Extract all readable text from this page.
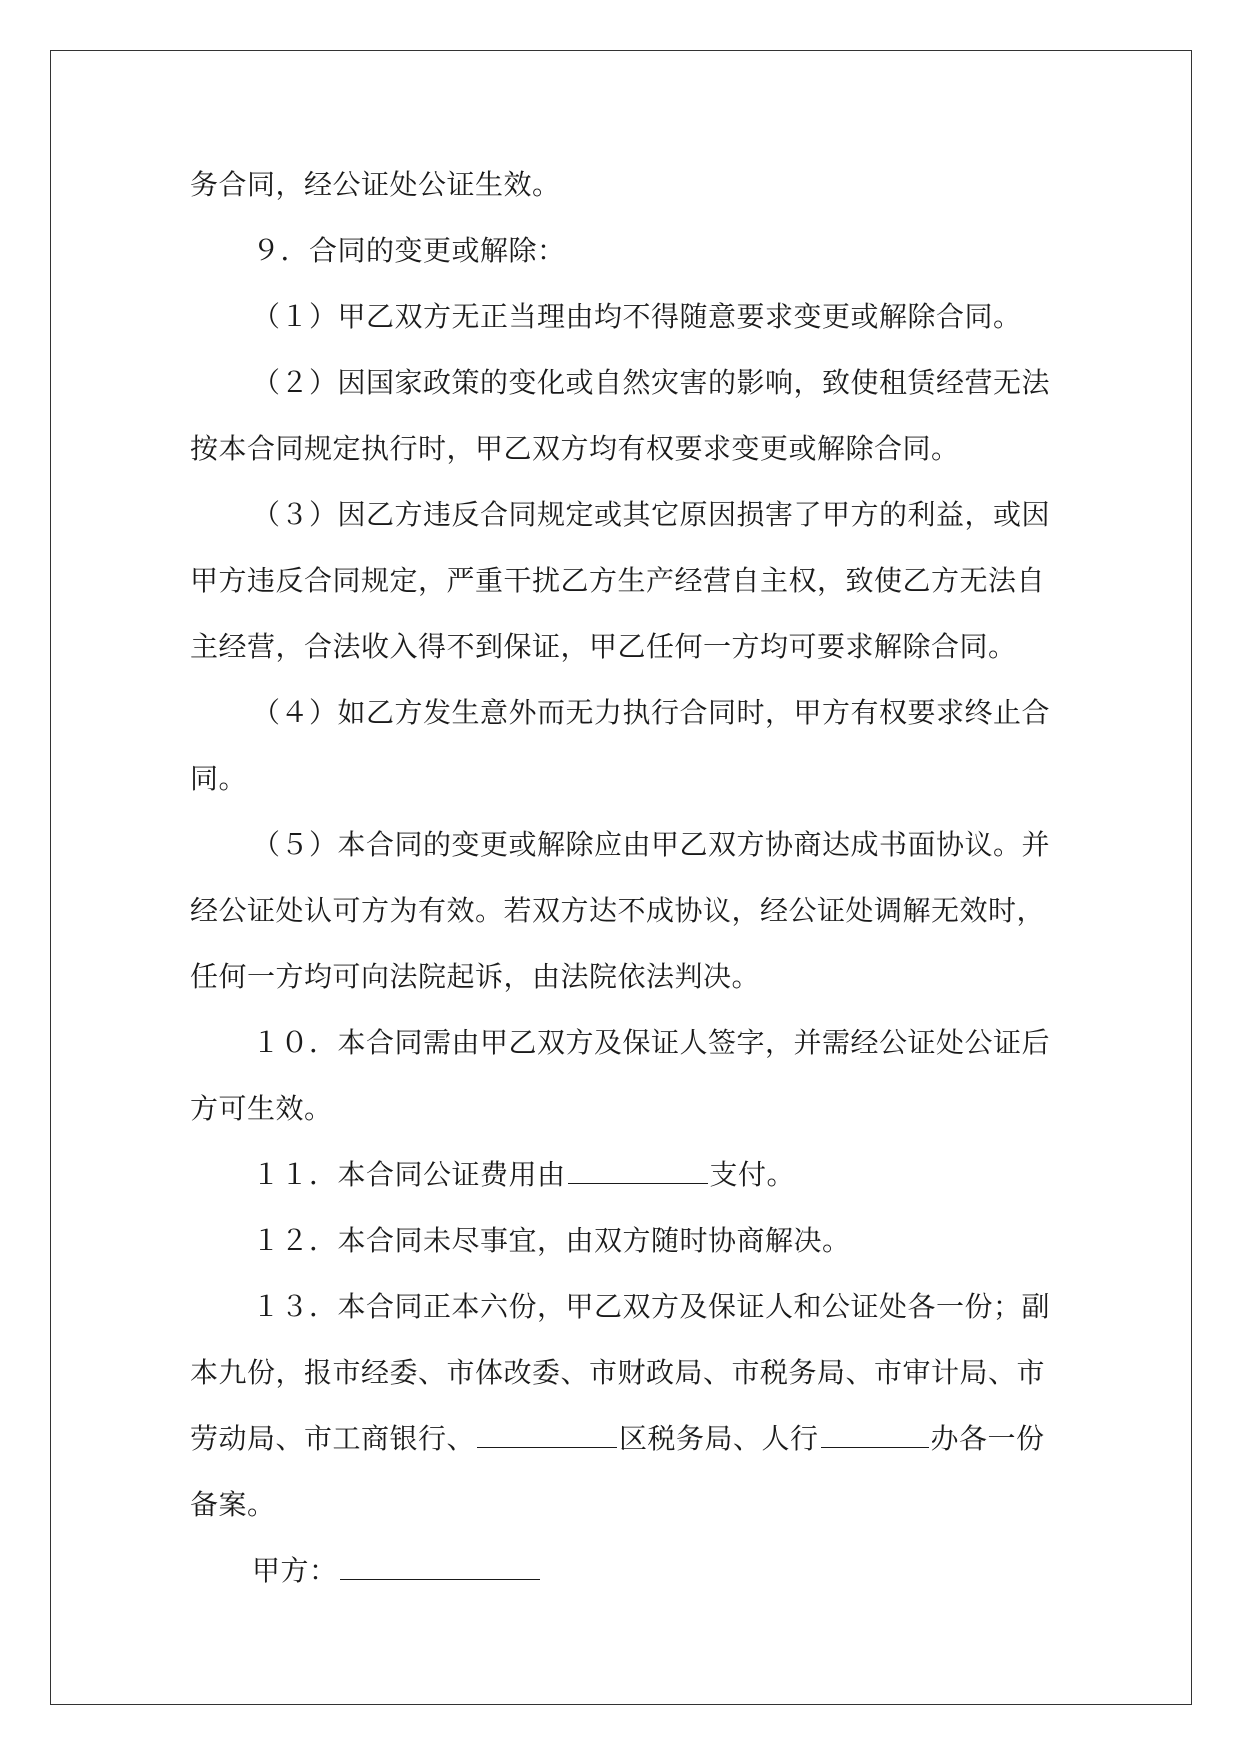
务合同，经公证处公证生效。
９．合同的变更或解除：
（１）甲乙双方无正当理由均不得随意要求变更或解除合同。
（２）因国家政策的变化或自然灾害的影响，致使租赁经营无法
按本合同规定执行时，甲乙双方均有权要求变更或解除合同。
（３）因乙方违反合同规定或其它原因损害了甲方的利益，或因
甲方违反合同规定，严重干扰乙方生产经营自主权，致使乙方无法自
主经营，合法收入得不到保证，甲乙任何一方均可要求解除合同。
（４）如乙方发生意外而无力执行合同时，甲方有权要求终止合
同。
（５）本合同的变更或解除应由甲乙双方协商达成书面协议。并
经公证处认可方为有效。若双方达不成协议，经公证处调解无效时，
任何一方均可向法院起诉，由法院依法判决。
１０．本合同需由甲乙双方及保证人签字，并需经公证处公证后
方可生效。
１１．本合同公证费用由	支付。
１２．本合同未尽事宜，由双方随时协商解决。
１３．本合同正本六份，甲乙双方及保证人和公证处各一份；副
本九份，报市经委、市体改委、市财政局、市税务局、市审计局、市
劳动局、市工商银行、	区税务局、人行	办各一份
备案。
甲方：
